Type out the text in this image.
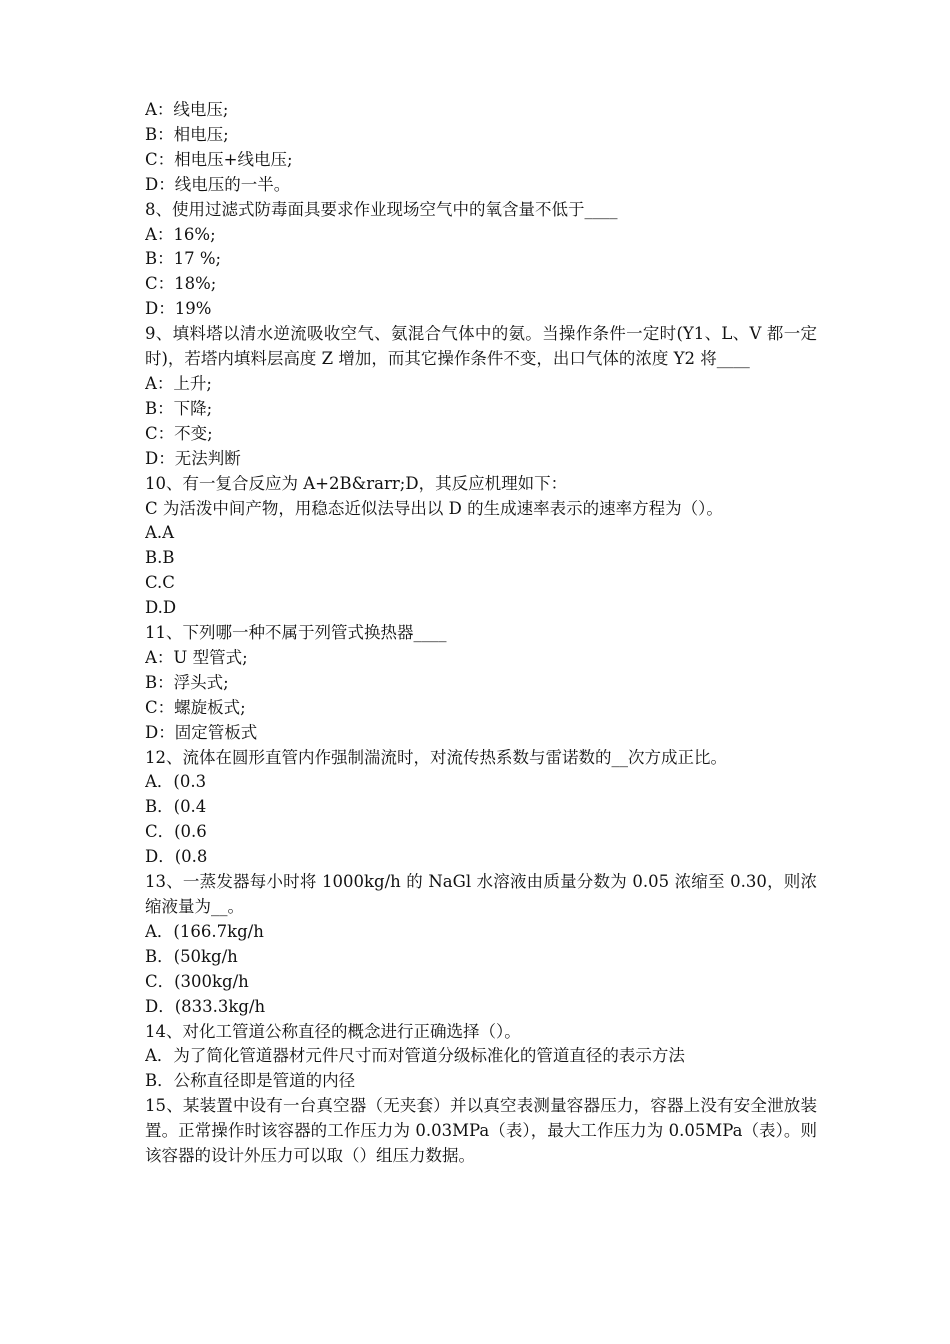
A：线电压;

B：相电压;

C：相电压+线电压;

D：线电压的一半。

8、使用过滤式防毒面具要求作业现场空气中的氧含量不低于____

A：16%;

B：17 %;

C：18%;

D：19%

9、填料塔以清水逆流吸收空气、氨混合气体中的氨。当操作条件一定时(Y1、L、V 都一定时)，若塔内填料层高度 Z 增加，而其它操作条件不变，出口气体的浓度 Y2 将____

A：上升;

B：下降;

C：不变;

D：无法判断

10、有一复合反应为 A+2B&rarr;D，其反应机理如下：

C 为活泼中间产物，用稳态近似法导出以 D 的生成速率表示的速率方程为（）。

A.A

B.B

C.C

D.D

11、下列哪一种不属于列管式换热器____

A：U 型管式;

B：浮头式;

C：螺旋板式;

D：固定管板式

12、流体在圆形直管内作强制湍流时，对流传热系数与雷诺数的__次方成正比。

A．(0.3

B．(0.4

C．(0.6

D．(0.8

13、一蒸发器每小时将 1000kg/h 的 NaGl 水溶液由质量分数为 0.05 浓缩至 0.30，则浓缩液量为__。

A．(166.7kg/h

B．(50kg/h

C．(300kg/h

D．(833.3kg/h

14、对化工管道公称直径的概念进行正确选择（）。

A．为了简化管道器材元件尺寸而对管道分级标准化的管道直径的表示方法

B．公称直径即是管道的内径

15、某装置中设有一台真空器（无夹套）并以真空表测量容器压力，容器上没有安全泄放装置。正常操作时该容器的工作压力为 0.03MPa（表），最大工作压力为 0.05MPa（表）。则该容器的设计外压力可以取（）组压力数据。
